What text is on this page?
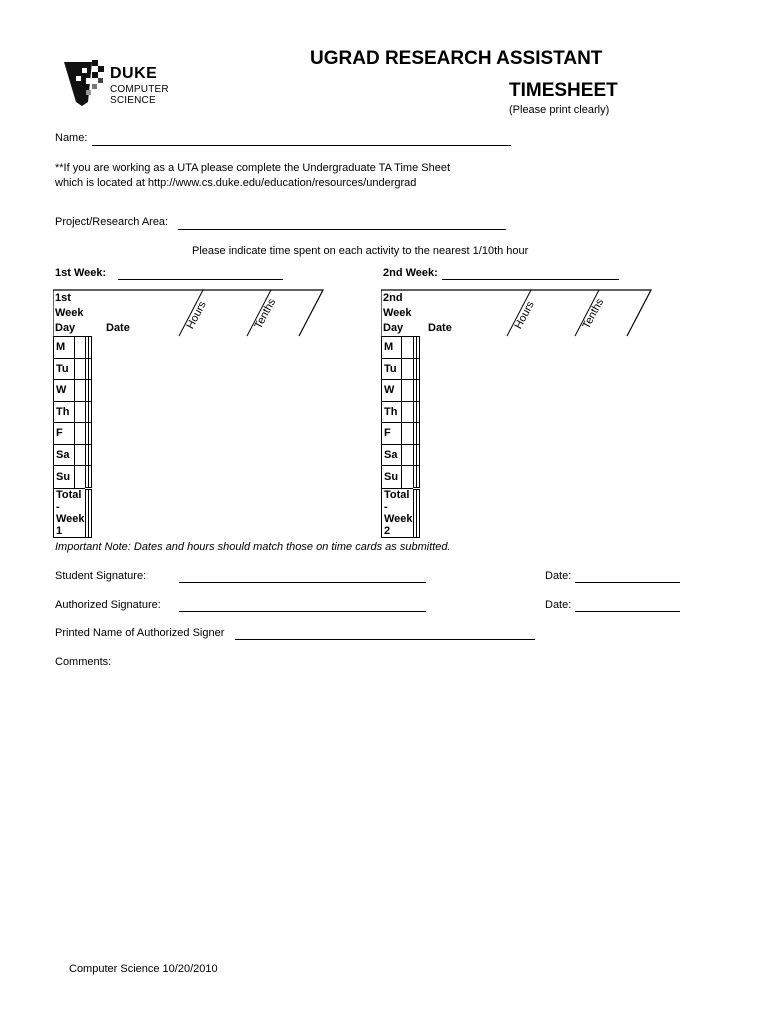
DUKE
COMPUTER SCIENCE
UGRAD RESEARCH ASSISTANT
TIMESHEET
(Please print clearly)
Name:
**If you are working as a UTA please complete the Undergraduate TA Time Sheet
which is located at http://www.cs.duke.edu/education/resources/undergrad
Project/Research Area:
Please indicate time spent on each activity to the nearest 1/10th hour
1st Week:	2nd Week:
1st
Week
Day	Date	Hours	Tenths
M			
Tu			
W			
Th			
F			
Sa			
Su			
Total - Week 1			
2nd
Week
Day	Date	Hours	Tenths
M			
Tu			
W			
Th			
F			
Sa			
Su			
Total - Week 2			
Important Note: Dates and hours should match those on time cards as submitted.
Student Signature:	Date:
Authorized Signature:	Date:
Printed Name of Authorized Signer
Comments:
Computer Science 10/20/2010
